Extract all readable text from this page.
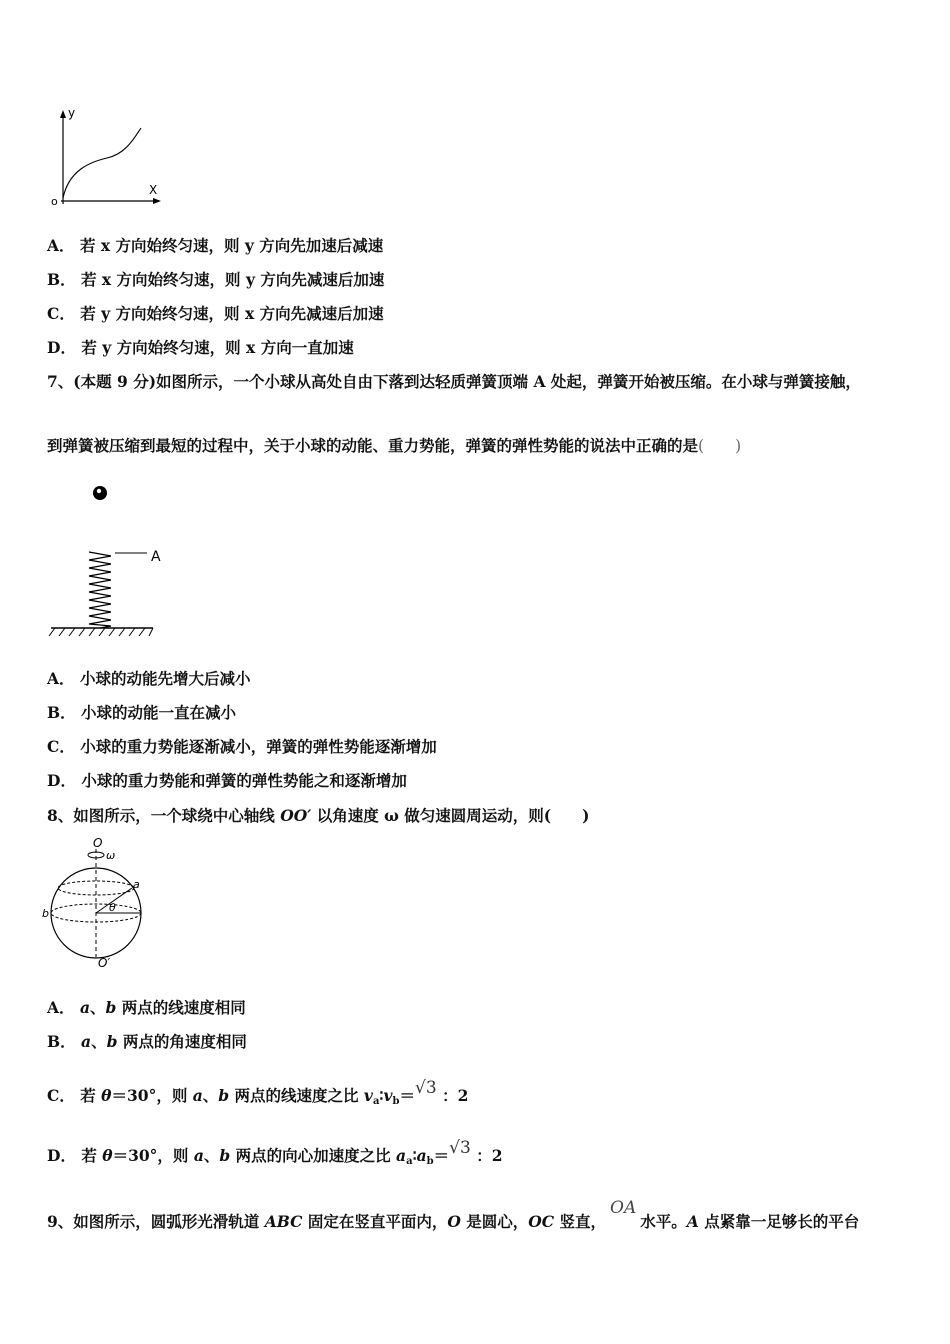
y
X
o
A． 若 x 方向始终匀速，则 y 方向先加速后减速
B． 若 x 方向始终匀速，则 y 方向先减速后加速
C． 若 y 方向始终匀速，则 x 方向先减速后加速
D． 若 y 方向始终匀速，则 x 方向一直加速
7、(本题 9 分)如图所示，一个小球从高处自由下落到达轻质弹簧顶端 A 处起，弹簧开始被压缩。在小球与弹簧接触，
到弹簧被压缩到最短的过程中，关于小球的动能、重力势能，弹簧的弹性势能的说法中正确的是(　　)
A
A． 小球的动能先增大后减小
B． 小球的动能一直在减小
C． 小球的重力势能逐渐减小，弹簧的弹性势能逐渐增加
D． 小球的重力势能和弹簧的弹性势能之和逐渐增加
8、如图所示，一个球绕中心轴线 OO′ 以角速度 ω 做匀速圆周运动，则(　　)
O
ω
a
b	θ
O′
A． a、b 两点的线速度相同
B． a、b 两点的角速度相同
C． 若 θ＝30°，则 a、b 两点的线速度之比 $v_a∶v_b=√3$ ：2
D． 若 θ＝30°，则 a、b 两点的向心加速度之比 $a_a∶a_b=√3$ ：2
9、如图所示，圆弧形光滑轨道 ABC 固定在竖直平面内，O 是圆心，OC 竖直，OA水平。A 点紧靠一足够长的平台
